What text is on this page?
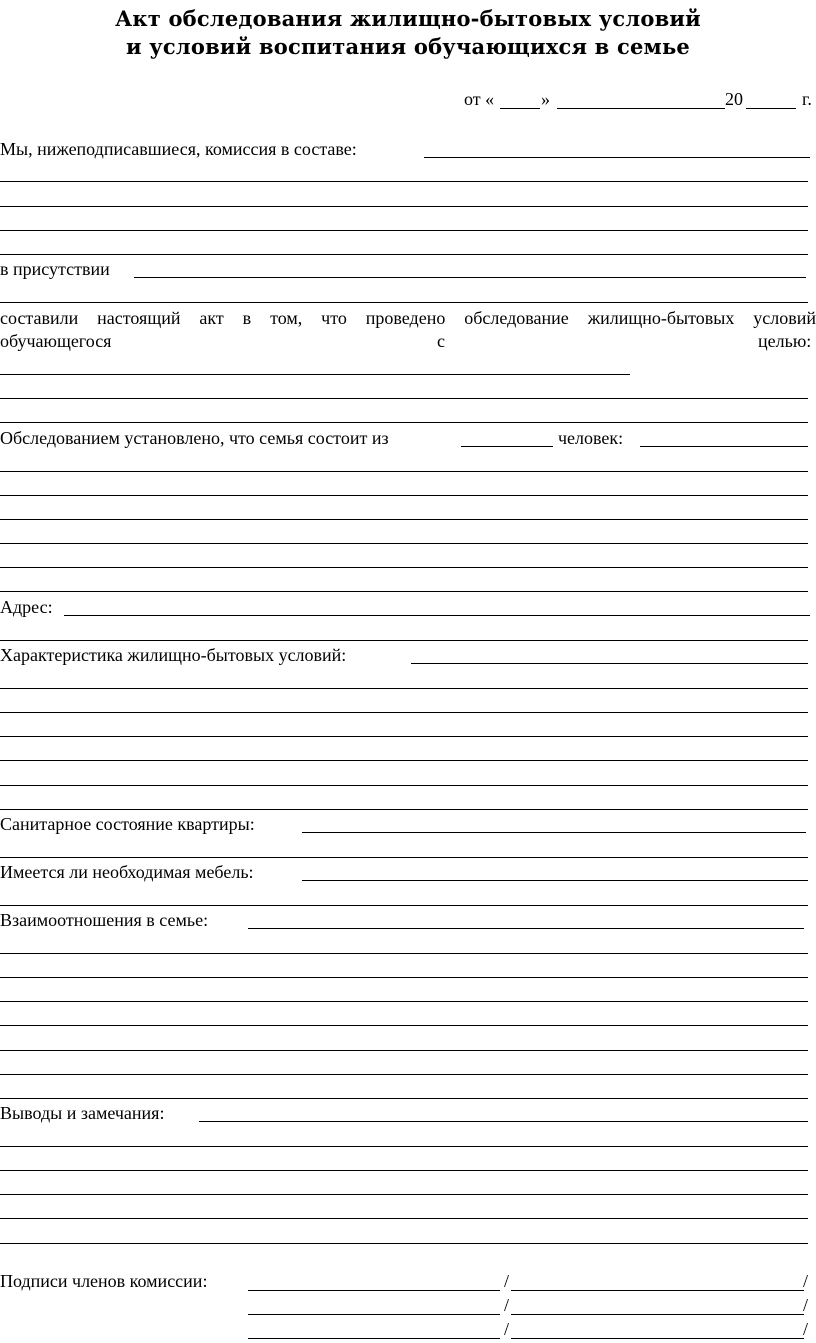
Акт обследования жилищно-бытовых условий
и условий воспитания обучающихся в семье
от «	»	20	г.
Мы, нижеподписавшиеся, комиссия в составе:
в присутствии
составили настоящий акт в том, что проведено обследование жилищно-бытовых условий
обучающегося	с	целью:
Обследованием установлено, что семья состоит из	человек:
Адрес:
Характеристика жилищно-бытовых условий:
Санитарное состояние квартиры:
Имеется ли необходимая мебель:
Взаимоотношения в семье:
Выводы и замечания:
Подписи членов комиссии:	/	/
/	/
/	/
